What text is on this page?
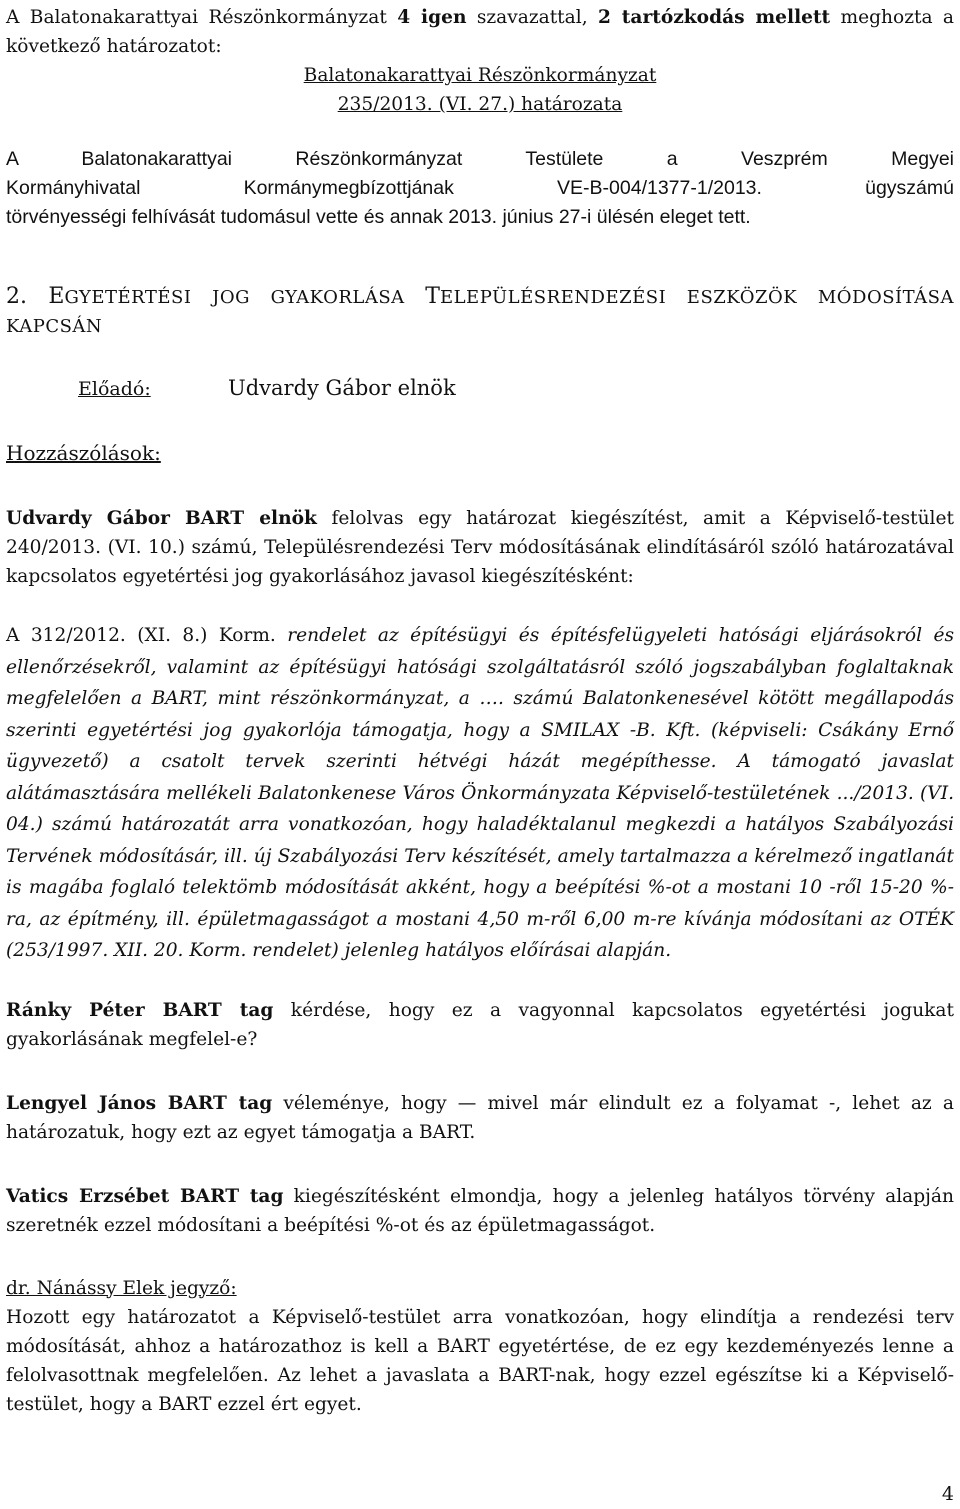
A Balatonakarattyai Részönkormányzat 4 igen szavazattal, 2 tartózkodás mellett meghozta a következő határozatot:

Balatonakarattyai Részönkormányzat
235/2013. (VI. 27.) határozata

A Balatonakarattyai Részönkormányzat Testülete a Veszprém Megyei

Kormányhivatal Kormánymegbízottjának VE-B-004/1377-1/2013. ügyszámú

törvényességi felhívását tudomásul vette és annak 2013. június 27-i ülésén eleget tett.

2. EGYETÉRTÉSI JOG GYAKORLÁSA TELEPÜLÉSRENDEZÉSI ESZKÖZÖK MÓDOSÍTÁSA

KAPCSÁN

Előadó:	Udvardy Gábor elnök

Hozzászólások:

Udvardy Gábor BART elnök felolvas egy határozat kiegészítést, amit a Képviselő-testület 240/2013. (VI. 10.) számú, Településrendezési Terv módosításának elindításáról szóló határozatával kapcsolatos egyetértési jog gyakorlásához javasol kiegészítésként:

A 312/2012. (XI. 8.) Korm. rendelet az építésügyi és építésfelügyeleti hatósági eljárásokról és ellenőrzésekről, valamint az építésügyi hatósági szolgáltatásról szóló jogszabályban foglaltaknak megfelelően a BART, mint részönkormányzat, a …. számú Balatonkenesével kötött megállapodás szerinti egyetértési jog gyakorlója támogatja, hogy a SMILAX -B. Kft. (képviseli: Csákány Ernő ügyvezető) a csatolt tervek szerinti hétvégi házát megépíthesse. A támogató javaslat alátámasztására mellékeli Balatonkenese Város Önkormányzata Képviselő-testületének .../2013. (VI. 04.) számú határozatát arra vonatkozóan, hogy haladéktalanul megkezdi a hatályos Szabályozási Tervének módosításár, ill. új Szabályozási Terv készítését, amely tartalmazza a kérelmező ingatlanát is magába foglaló telektömb módosítását akként, hogy a beépítési %-ot a mostani 10 -ről 15-20 %-ra, az építmény, ill. épületmagasságot a mostani 4,50 m-ről 6,00 m-re kívánja módosítani az OTÉK (253/1997. XII. 20. Korm. rendelet) jelenleg hatályos előírásai alapján.

Ránky Péter BART tag kérdése, hogy ez a vagyonnal kapcsolatos egyetértési jogukat gyakorlásának megfelel-e?

Lengyel János BART tag véleménye, hogy — mivel már elindult ez a folyamat -, lehet az a határozatuk, hogy ezt az egyet támogatja a BART.

Vatics Erzsébet BART tag kiegészítésként elmondja, hogy a jelenleg hatályos törvény alapján szeretnék ezzel módosítani a beépítési %-ot és az épületmagasságot.

dr. Nánássy Elek jegyző:

Hozott egy határozatot a Képviselő-testület arra vonatkozóan, hogy elindítja a rendezési terv módosítását, ahhoz a határozathoz is kell a BART egyetértése, de ez egy kezdeményezés lenne a felolvasottnak megfelelően. Az lehet a javaslata a BART-nak, hogy ezzel egészítse ki a Képviselő-testület, hogy a BART ezzel ért egyet.

4
